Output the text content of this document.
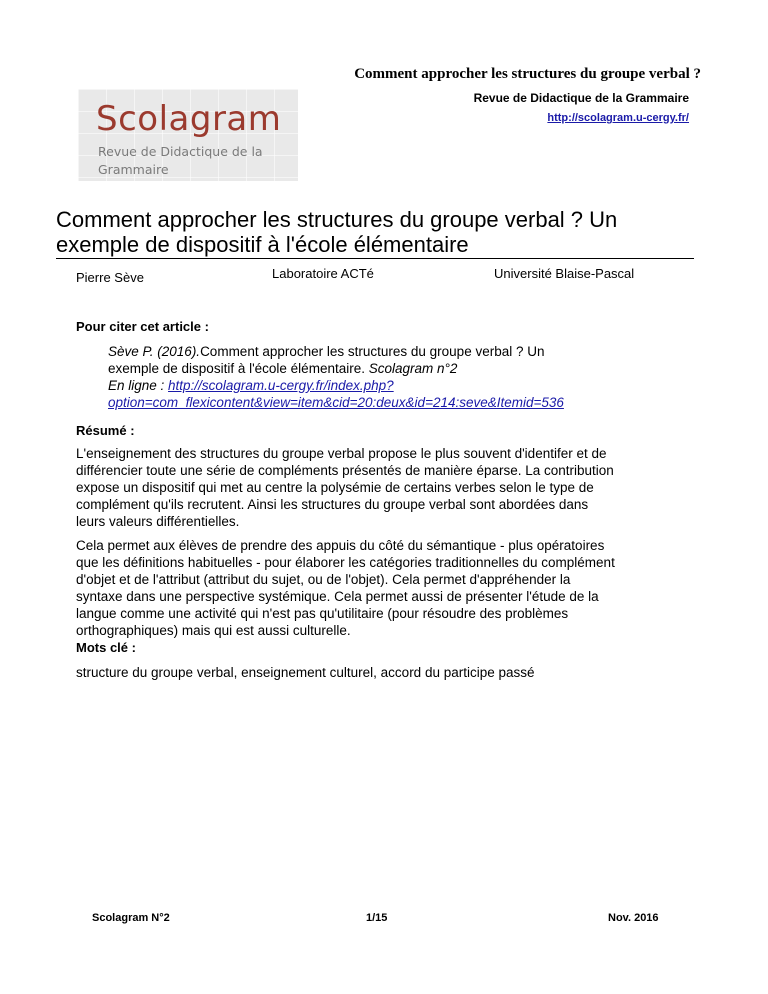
Comment approcher les structures du groupe verbal ?
Revue de Didactique de la Grammaire
http://scolagram.u-cergy.fr/
Scolagram
Revue de Didactique de la
Grammaire
Comment approcher les structures du groupe verbal ? Un
exemple de dispositif à l'école élémentaire
Pierre Sève	Laboratoire ACTé	Université Blaise-Pascal
Pour citer cet article :
Sève P. (2016).Comment approcher les structures du groupe verbal ? Un
exemple de dispositif à l'école élémentaire. Scolagram n°2
En ligne : http://scolagram.u-cergy.fr/index.php?
option=com_flexicontent&view=item&cid=20:deux&id=214:seve&Itemid=536
Résumé :
L'enseignement des structures du groupe verbal propose le plus souvent d'identifer et de
différencier toute une série de compléments présentés de manière éparse. La contribution
expose un dispositif qui met au centre la polysémie de certains verbes selon le type de
complément qu'ils recrutent. Ainsi les structures du groupe verbal sont abordées dans
leurs valeurs différentielles.
Cela permet aux élèves de prendre des appuis du côté du sémantique - plus opératoires
que les définitions habituelles - pour élaborer les catégories traditionnelles du complément
d'objet et de l'attribut (attribut du sujet, ou de l'objet). Cela permet d'appréhender la
syntaxe dans une perspective systémique. Cela permet aussi de présenter l'étude de la
langue comme une activité qui n'est pas qu'utilitaire (pour résoudre des problèmes
orthographiques) mais qui est aussi culturelle.
Mots clé :
structure du groupe verbal, enseignement culturel, accord du participe passé
Scolagram N°2	1/15	Nov. 2016
